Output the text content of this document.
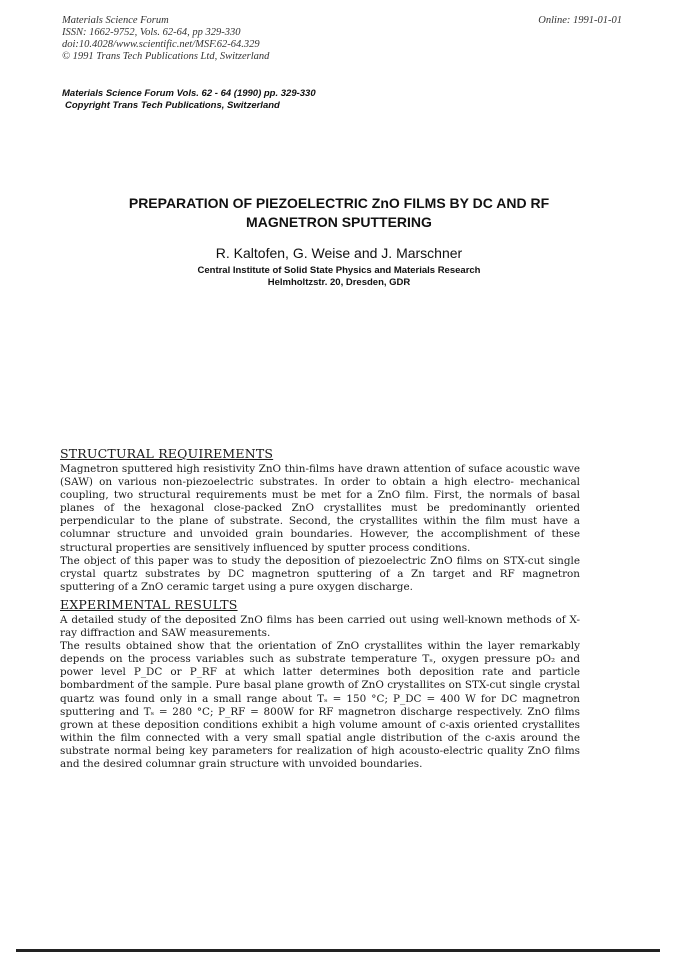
Materials Science Forum
ISSN: 1662-9752, Vols. 62-64, pp 329-330
doi:10.4028/www.scientific.net/MSF.62-64.329
© 1991 Trans Tech Publications Ltd, Switzerland
Online: 1991-01-01
Materials Science Forum Vols. 62 - 64 (1990) pp. 329-330
Copyright Trans Tech Publications, Switzerland
PREPARATION OF PIEZOELECTRIC ZnO FILMS BY DC AND RF
MAGNETRON SPUTTERING
R. Kaltofen, G. Weise and J. Marschner
Central Institute of Solid State Physics and Materials Research
Helmholtzstr. 20, Dresden, GDR
STRUCTURAL REQUIREMENTS

Magnetron sputtered high resistivity ZnO thin-films have drawn attention of suface acoustic wave (SAW) on various non-piezoelectric substrates. In order to obtain a high electro- mechanical coupling, two structural requirements must be met for a ZnO film. First, the normals of basal planes of the hexagonal close-packed ZnO crystallites must be predominantly oriented perpendicular to the plane of substrate. Second, the crystallites within the film must have a columnar structure and unvoided grain boundaries. However, the accomplishment of these structural properties are sensitively influenced by sputter process conditions.

The object of this paper was to study the deposition of piezoelectric ZnO films on STX-cut single crystal quartz substrates by DC magnetron sputtering of a Zn target and RF magnetron sputtering of a ZnO ceramic target using a pure oxygen discharge.

EXPERIMENTAL RESULTS

A detailed study of the deposited ZnO films has been carried out using well-known methods of X-ray diffraction and SAW measurements.

The results obtained show that the orientation of ZnO crystallites within the layer remarkably depends on the process variables such as substrate temperature Tₛ, oxygen pressure pO₂ and power level P_DC or P_RF at which latter determines both deposition rate and particle bombardment of the sample. Pure basal plane growth of ZnO crystallites on STX-cut single crystal quartz was found only in a small range about Tₛ = 150 °C; P_DC = 400 W for DC magnetron sputtering and Tₛ = 280 °C; P_RF = 800W for RF magnetron discharge respectively. ZnO films grown at these deposition conditions exhibit a high volume amount of c-axis oriented crystallites within the film connected with a very small spatial angle distribution of the c-axis around the substrate normal being key parameters for realization of high acousto-electric quality ZnO films and the desired columnar grain structure with unvoided boundaries.
